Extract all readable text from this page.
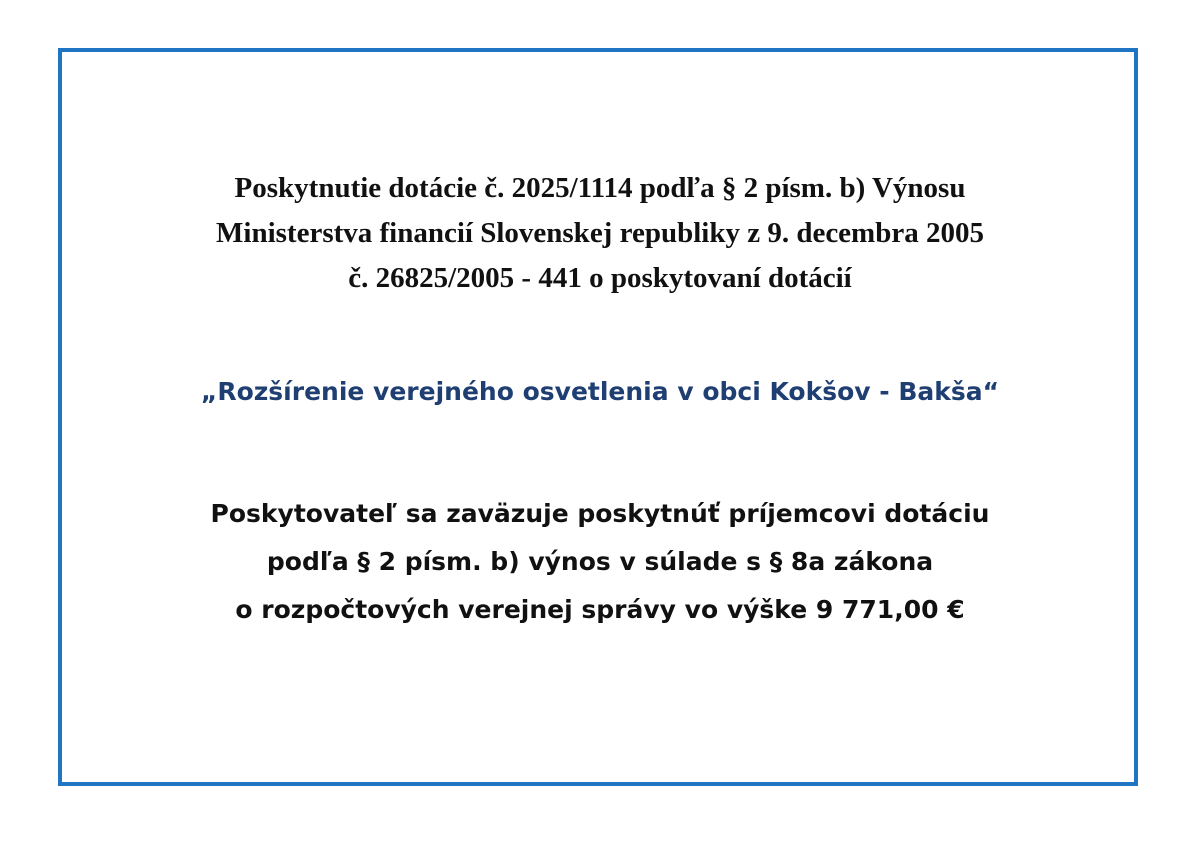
Poskytnutie dotácie č. 2025/1114 podľa § 2 písm. b) Výnosu
Ministerstva financií Slovenskej republiky z 9. decembra 2005
č. 26825/2005 - 441 o poskytovaní dotácií
„Rozšírenie verejného osvetlenia v obci Kokšov - Bakša“
Poskytovateľ sa zaväzuje poskytnúť príjemcovi dotáciu
podľa § 2 písm. b) výnos v súlade s § 8a zákona
o rozpočtových verejnej správy vo výške 9 771,00 €
